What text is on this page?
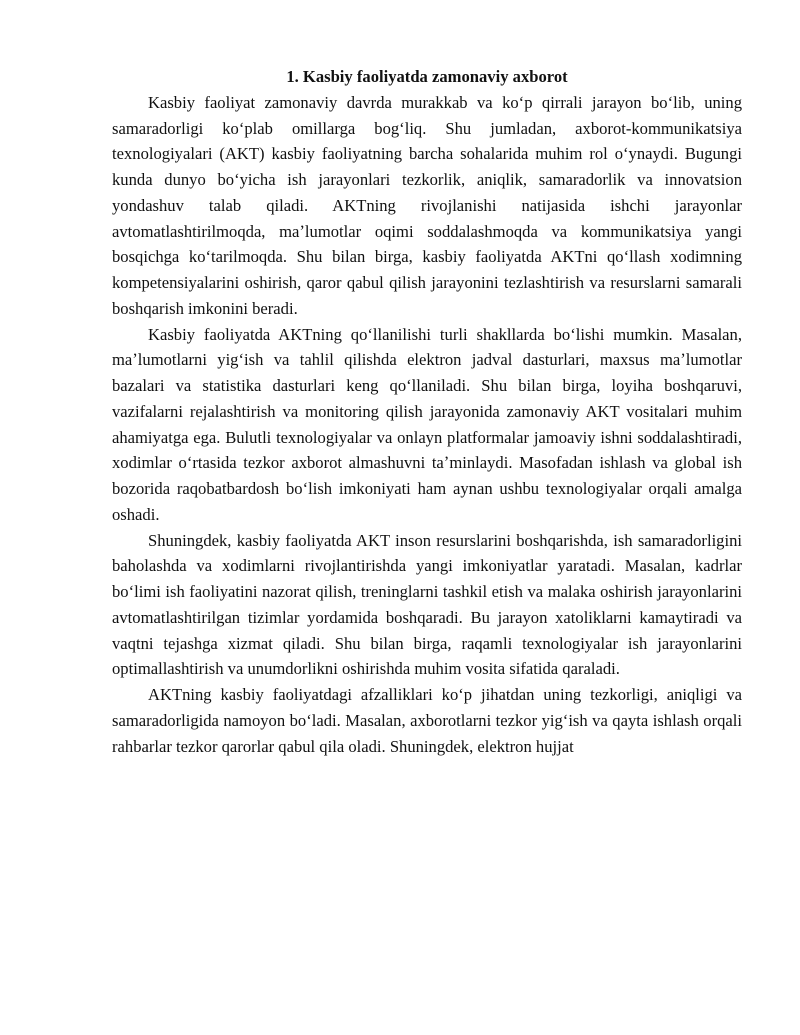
1. Kasbiy faoliyatda zamonaviy axborot

Kasbiy faoliyat zamonaviy davrda murakkab va koʻp qirrali jarayon boʻlib, uning samaradorligi koʻplab omillarga bogʻliq. Shu jumladan, axborot-kommunikatsiya texnologiyalari (AKT) kasbiy faoliyatning barcha sohalarida muhim rol oʻynaydi. Bugungi kunda dunyo boʻyicha ish jarayonlari tezkorlik, aniqlik, samaradorlik va innovatsion yondashuv talab qiladi. AKTning rivojlanishi natijasida ishchi jarayonlar avtomatlashtirilmoqda, maʼlumotlar oqimi soddalashmoqda va kommunikatsiya yangi bosqichga koʻtarilmoqda. Shu bilan birga, kasbiy faoliyatda AKTni qoʻllash xodimning kompetensiyalarini oshirish, qaror qabul qilish jarayonini tezlashtirish va resurslarni samarali boshqarish imkonini beradi.

Kasbiy faoliyatda AKTning qoʻllanilishi turli shakllarda boʻlishi mumkin. Masalan, maʼlumotlarni yigʻish va tahlil qilishda elektron jadval dasturlari, maxsus maʼlumotlar bazalari va statistika dasturlari keng qoʻllaniladi. Shu bilan birga, loyiha boshqaruvi, vazifalarni rejalashtirish va monitoring qilish jarayonida zamonaviy AKT vositalari muhim ahamiyatga ega. Bulutli texnologiyalar va onlayn platformalar jamoaviy ishni soddalashtiradi, xodimlar oʻrtasida tezkor axborot almashuvni taʼminlaydi. Masofadan ishlash va global ish bozorida raqobatbardosh boʻlish imkoniyati ham aynan ushbu texnologiyalar orqali amalga oshadi.

Shuningdek, kasbiy faoliyatda AKT inson resurslarini boshqarishda, ish samaradorligini baholashda va xodimlarni rivojlantirishda yangi imkoniyatlar yaratadi. Masalan, kadrlar boʻlimi ish faoliyatini nazorat qilish, treninglarni tashkil etish va malaka oshirish jarayonlarini avtomatlashtirilgan tizimlar yordamida boshqaradi. Bu jarayon xatoliklarni kamaytiradi va vaqtni tejashga xizmat qiladi. Shu bilan birga, raqamli texnologiyalar ish jarayonlarini optimallashtirish va unumdorlikni oshirishda muhim vosita sifatida qaraladi.

AKTning kasbiy faoliyatdagi afzalliklari koʻp jihatdan uning tezkorligi, aniqligi va samaradorligida namoyon boʻladi. Masalan, axborotlarni tezkor yigʻish va qayta ishlash orqali rahbarlar tezkor qarorlar qabul qila oladi. Shuningdek, elektron hujjat
